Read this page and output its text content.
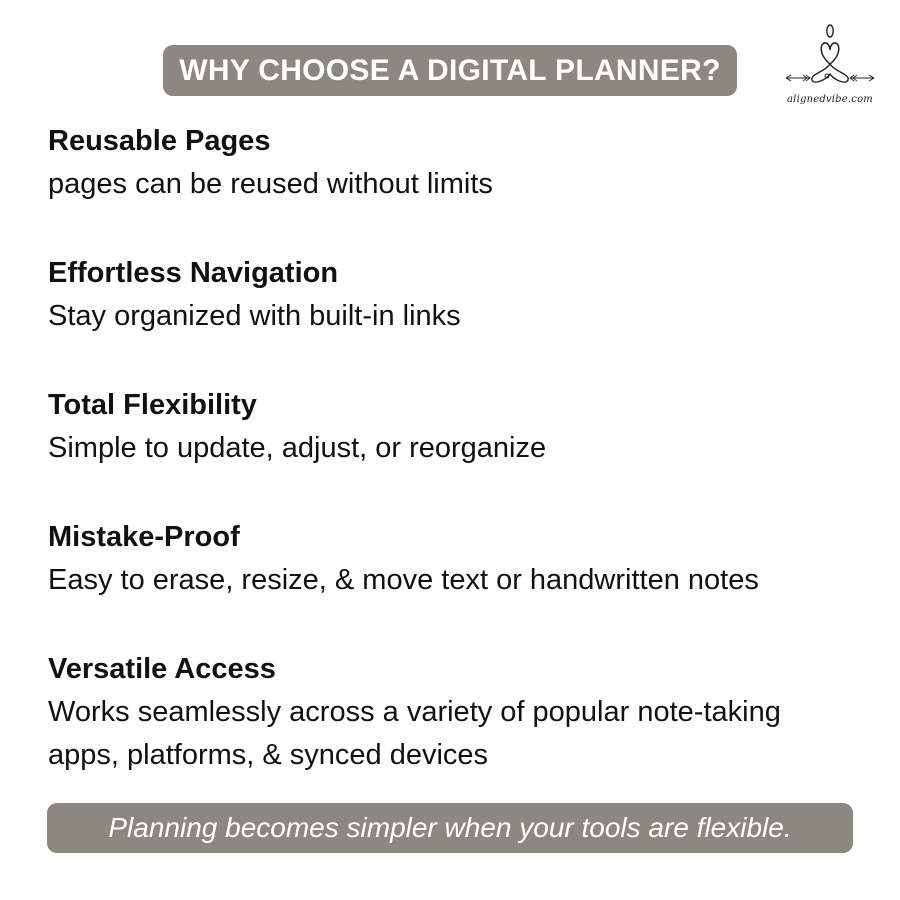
WHY CHOOSE A DIGITAL PLANNER?
alignedvibe.com
Reusable Pages
pages can be reused without limits
Effortless Navigation
Stay organized with built-in links
Total Flexibility
Simple to update, adjust, or reorganize
Mistake-Proof
Easy to erase, resize, & move text or handwritten notes
Versatile Access
Works seamlessly across a variety of popular note-taking apps, platforms, & synced devices
Planning becomes simpler when your tools are flexible.
